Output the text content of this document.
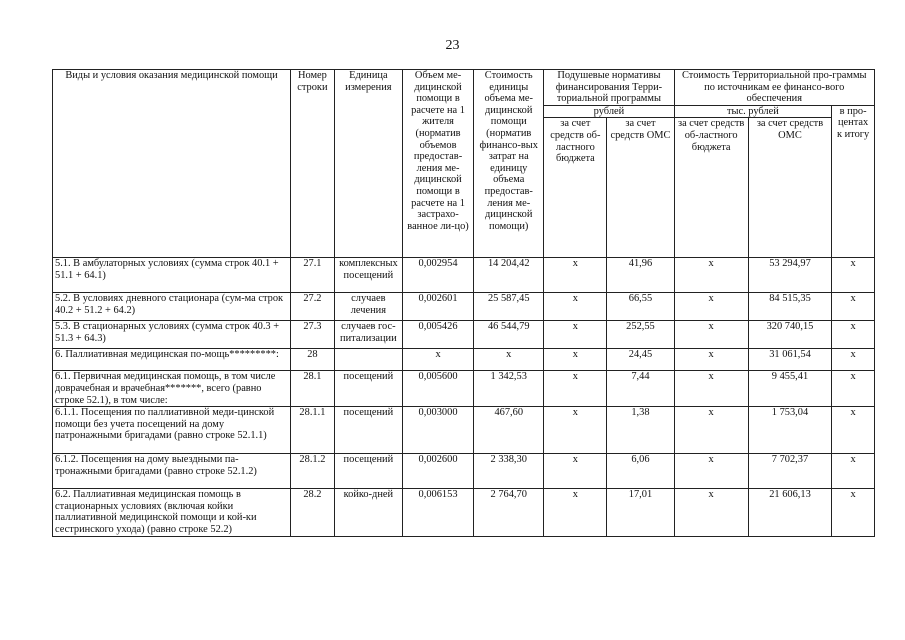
23
Виды и условия оказания медицинской помощи	Номер строки	Единица измерения	Объем ме-дицинской помощи в расчете на 1 жителя (норматив объемов предостав-ления ме-дицинской помощи в расчете на 1 застрахо-ванное ли-цо)	Стоимость единицы объема ме-дицинской помощи (норматив финансо-вых затрат на единицу объема предостав-ления ме-дицинской помощи)	Подушевые нормативы финансирования Терри-ториальной программы		Стоимость Территориальной про-граммы по источникам ее финансо-вого обеспечения		
					рублей		тыс. рублей		в про-центах к итогу
					за счет средств об-ластного бюджета	за счет средств ОМС	за счет средств об-ластного бюджета	за счет средств ОМС	
5.1. В амбулаторных условиях (сумма строк 40.1 + 51.1 + 64.1)	27.1	комплексных посещений	0,002954	14 204,42	х	41,96	х	53 294,97	х
5.2. В условиях дневного стационара (сум-ма строк 40.2 + 51.2 + 64.2)	27.2	случаев лечения	0,002601	25 587,45	х	66,55	х	84 515,35	х
5.3. В стационарных условиях (сумма строк 40.3 + 51.3 + 64.3)	27.3	случаев гос-питализации	0,005426	46 544,79	х	252,55	х	320 740,15	х
6. Паллиативная медицинская по-мощь*********:	28		х	х	х	24,45	х	31 061,54	х
6.1. Первичная медицинская помощь, в том числе доврачебная и врачебная*******, всего (равно строке 52.1), в том числе:	28.1	посещений	0,005600	1 342,53	х	7,44	х	9 455,41	х
6.1.1. Посещения по паллиативной меди-цинской помощи без учета посещений на дому патронажными бригадами (равно строке 52.1.1)	28.1.1	посещений	0,003000	467,60	х	1,38	х	1 753,04	х
6.1.2. Посещения на дому выездными па-тронажными бригадами (равно строке 52.1.2)	28.1.2	посещений	0,002600	2 338,30	х	6,06	х	7 702,37	х
6.2. Паллиативная медицинская помощь в стационарных условиях (включая койки паллиативной медицинской помощи и кой-ки сестринского ухода) (равно строке 52.2)	28.2	койко-дней	0,006153	2 764,70	х	17,01	х	21 606,13	х
